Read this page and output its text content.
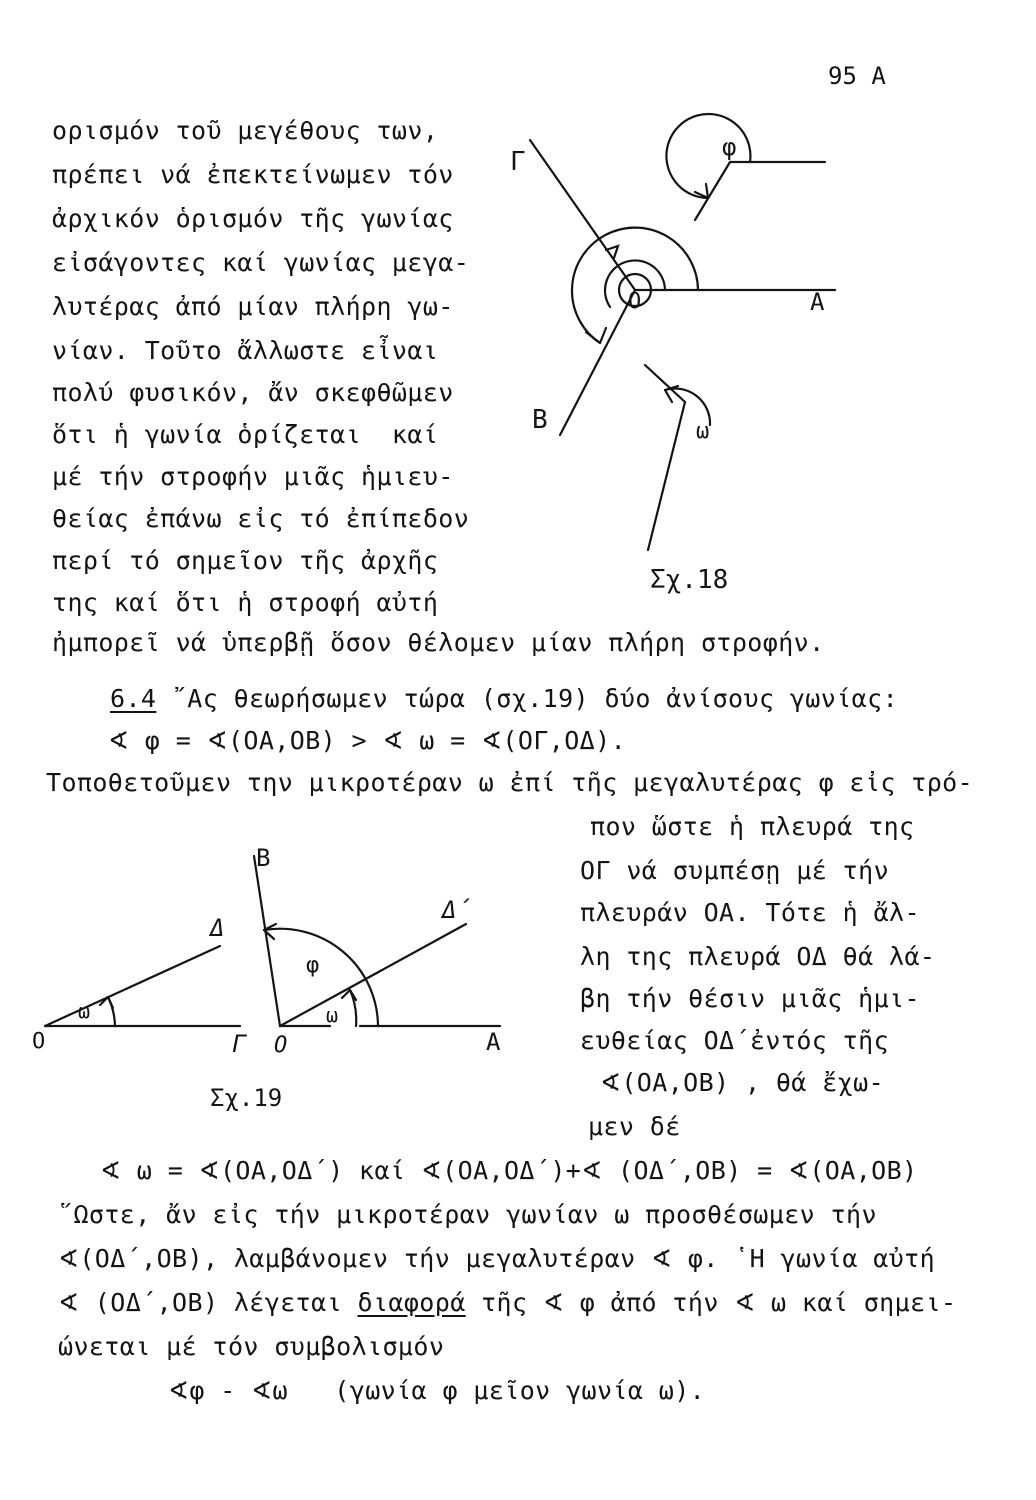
95 A
ορισμόν τοῦ μεγέθους των,
πρέπει νά ἐπεκτείνωμεν τόν
ἀρχικόν ὁρισμόν τῆς γωνίας
εἰσάγοντες καί γωνίας μεγα-
λυτέρας ἀπό μίαν πλήρη γω-
νίαν. Τοῦτο ἄλλωστε εἶναι
πολύ φυσικόν, ἄν σκεφθῶμεν
ὅτι ἡ γωνία ὁρίζεται  καί
μέ τήν στροφήν μιᾶς ἡμιευ-
θείας ἐπάνω εἰς τό ἐπίπεδον
περί τό σημεῖον τῆς ἀρχῆς
της καί ὅτι ἡ στροφή αὐτή
ἠμπορεῖ νά ὑπερβῇ ὅσον θέλομεν μίαν πλήρη στροφήν.
Γ
Ο	Α
Β
φ
ω
Σχ.18
6.4 ῎Ας θεωρήσωμεν τώρα (σχ.19) δύο ἀνίσους γωνίας:
∢ φ = ∢(ΟΑ,ΟΒ) > ∢ ω = ∢(ΟΓ,ΟΔ).
Τοποθετοῦμεν την μικροτέραν ω ἐπί τῆς μεγαλυτέρας φ εἰς τρό-
πον ὥστε ἡ πλευρά της
ΟΓ νά συμπέσῃ μέ τήν
πλευράν ΟΑ. Τότε ἡ ἄλ-
λη της πλευρά ΟΔ θά λά-
βη τήν θέσιν μιᾶς ἡμι-
ευθείας ΟΔ΄ἐντός τῆς
∢(ΟΑ,ΟΒ) , θά ἔχω-
μεν δέ
Δ
Δ΄
Β
Ο	Γ Ο	Α
φ
ω	ω
Σχ.19
∢ ω = ∢(ΟΑ,ΟΔ΄) καί ∢(ΟΑ,ΟΔ΄)+∢ (ΟΔ΄,ΟΒ) = ∢(ΟΑ,ΟΒ)
῞Ωστε, ἄν εἰς τήν μικροτέραν γωνίαν ω προσθέσωμεν τήν
∢(ΟΔ΄,ΟΒ), λαμβάνομεν τήν μεγαλυτέραν ∢ φ. ῾Η γωνία αὐτή
∢ (ΟΔ΄,ΟΒ) λέγεται διαφορά τῆς ∢ φ ἀπό τήν ∢ ω καί σημει-
ώνεται μέ τόν συμβολισμόν
∢φ - ∢ω   (γωνία φ μεῖον γωνία ω).
